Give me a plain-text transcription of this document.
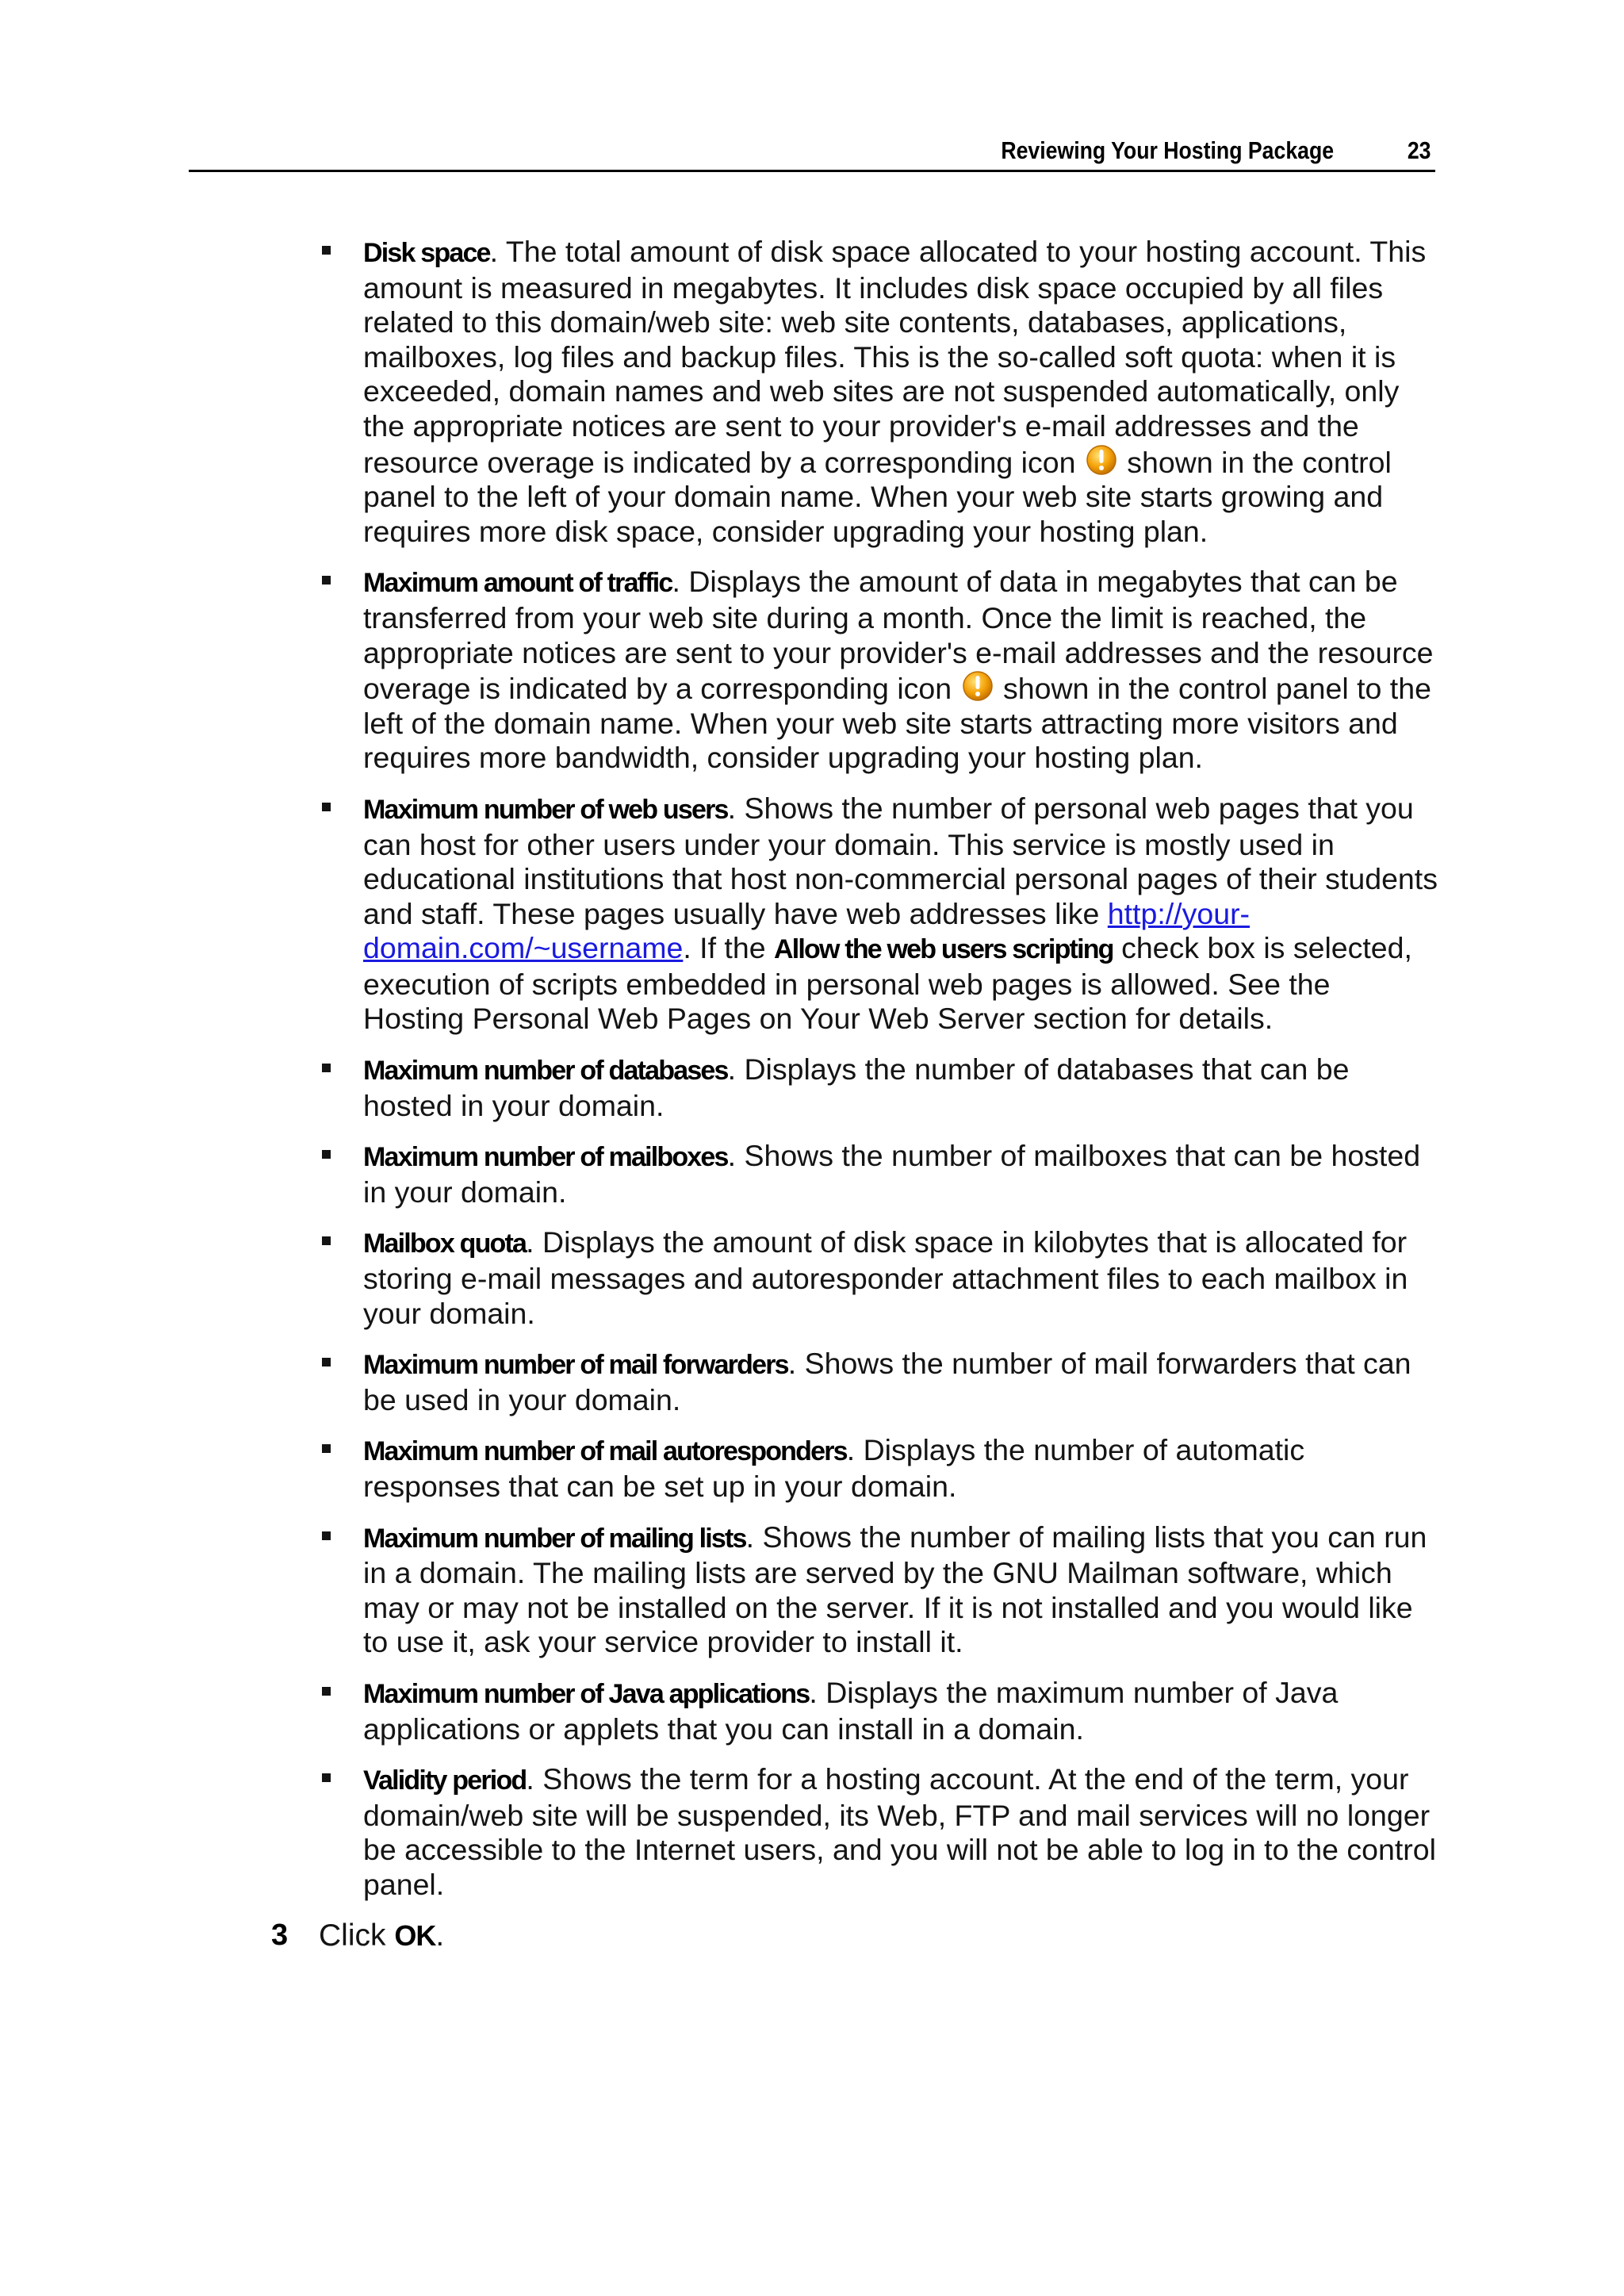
Reviewing Your Hosting Package	23
Disk space. The total amount of disk space allocated to your hosting account. This amount is measured in megabytes. It includes disk space occupied by all files related to this domain/web site: web site contents, databases, applications, mailboxes, log files and backup files. This is the so-called soft quota: when it is exceeded, domain names and web sites are not suspended automatically, only the appropriate notices are sent to your provider's e-mail addresses and the resource overage is indicated by a corresponding icon  shown in the control panel to the left of your domain name. When your web site starts growing and requires more disk space, consider upgrading your hosting plan.
Maximum amount of traffic. Displays the amount of data in megabytes that can be transferred from your web site during a month. Once the limit is reached, the appropriate notices are sent to your provider's e-mail addresses and the resource overage is indicated by a corresponding icon  shown in the control panel to the left of the domain name. When your web site starts attracting more visitors and requires more bandwidth, consider upgrading your hosting plan.
Maximum number of web users. Shows the number of personal web pages that you can host for other users under your domain. This service is mostly used in educational institutions that host non-commercial personal pages of their students and staff. These pages usually have web addresses like http://your-domain.com/~username. If the Allow the web users scripting check box is selected, execution of scripts embedded in personal web pages is allowed. See the Hosting Personal Web Pages on Your Web Server section for details.
Maximum number of databases. Displays the number of databases that can be hosted in your domain.
Maximum number of mailboxes. Shows the number of mailboxes that can be hosted in your domain.
Mailbox quota. Displays the amount of disk space in kilobytes that is allocated for storing e-mail messages and autoresponder attachment files to each mailbox in your domain.
Maximum number of mail forwarders. Shows the number of mail forwarders that can be used in your domain.
Maximum number of mail autoresponders. Displays the number of automatic responses that can be set up in your domain.
Maximum number of mailing lists. Shows the number of mailing lists that you can run in a domain. The mailing lists are served by the GNU Mailman software, which may or may not be installed on the server. If it is not installed and you would like to use it, ask your service provider to install it.
Maximum number of Java applications. Displays the maximum number of Java applications or applets that you can install in a domain.
Validity period. Shows the term for a hosting account. At the end of the term, your domain/web site will be suspended, its Web, FTP and mail services will no longer be accessible to the Internet users, and you will not be able to log in to the control panel.
3 Click OK.
